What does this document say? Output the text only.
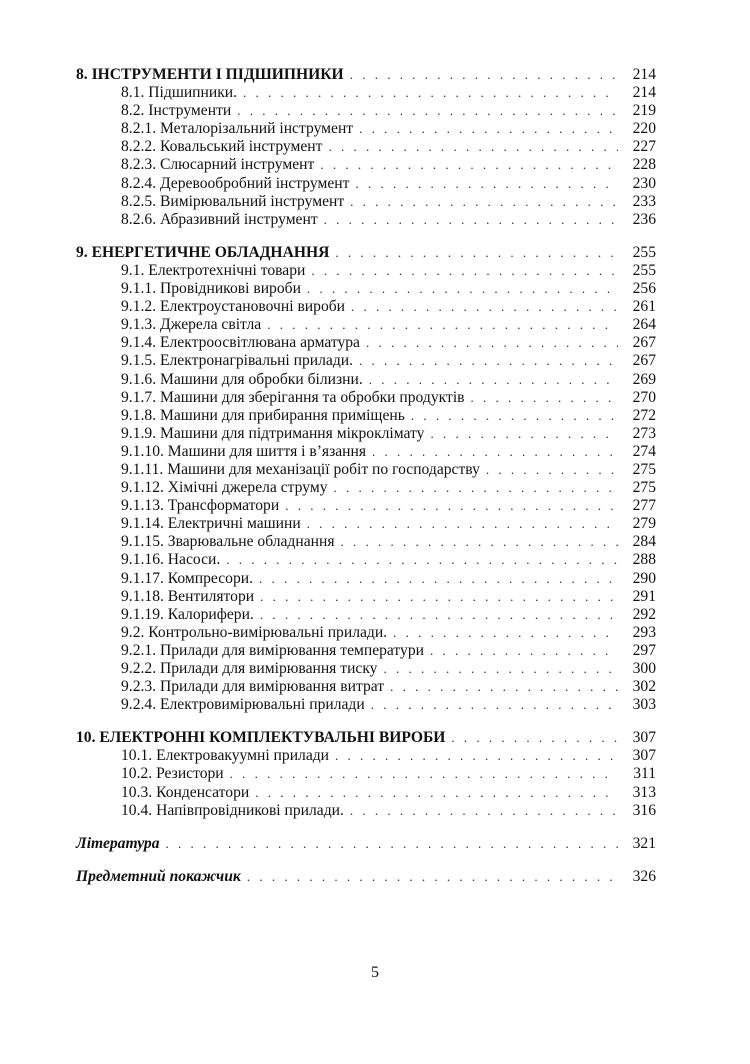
8. ІНСТРУМЕНТИ І ПІДШИПНИКИ . . .	214
8.1. Підшипники. . . .	214
8.2. Інструменти . . .	219
8.2.1. Металорізальний інструмент . . .	220
8.2.2. Ковальський інструмент . . .	227
8.2.3. Слюсарний інструмент . . .	228
8.2.4. Деревообробний інструмент . . .	230
8.2.5. Вимірювальний інструмент . . .	233
8.2.6. Абразивний інструмент . . .	236
9. ЕНЕРГЕТИЧНЕ ОБЛАДНАННЯ . . .	255
9.1. Електротехнічні товари . . .	255
9.1.1. Провідникові вироби . . .	256
9.1.2. Електроустановочні вироби . . .	261
9.1.3. Джерела світла . . .	264
9.1.4. Електроосвітлювана арматура . . .	267
9.1.5. Електронагрівальні прилади. . . .	267
9.1.6. Машини для обробки білизни. . . .	269
9.1.7. Машини для зберігання та обробки продуктів . . .	270
9.1.8. Машини для прибирання приміщень . . .	272
9.1.9. Машини для підтримання мікроклімату . . .	273
9.1.10. Машини для шиття і в’язання . . .	274
9.1.11. Машини для механізації робіт по господарству . . .	275
9.1.12. Хімічні джерела струму . . .	275
9.1.13. Трансформатори . . .	277
9.1.14. Електричні машини . . .	279
9.1.15. Зварювальне обладнання . . .	284
9.1.16. Насоси. . . .	288
9.1.17. Компресори. . . .	290
9.1.18. Вентилятори . . .	291
9.1.19. Калорифери. . . .	292
9.2. Контрольно-вимірювальні прилади. . . .	293
9.2.1. Прилади для вимірювання температури . . .	297
9.2.2. Прилади для вимірювання тиску . . .	300
9.2.3. Прилади для вимірювання витрат . . .	302
9.2.4. Електровимірювальні прилади . . .	303
10. ЕЛЕКТРОННІ КОМПЛЕКТУВАЛЬНІ ВИРОБИ . . .	307
10.1. Електровакуумні прилади . . .	307
10.2. Резистори . . .	311
10.3. Конденсатори . . .	313
10.4. Напівпровідникові прилади. . . .	316
Література . . .	321
Предметний покажчик . . .	326
5
